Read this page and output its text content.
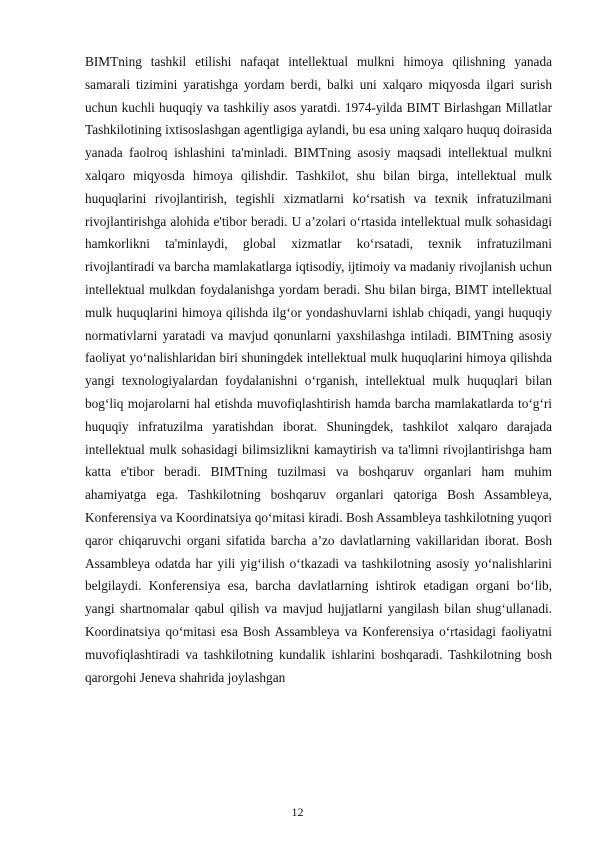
BIMTning tashkil etilishi nafaqat intellektual mulkni himoya qilishning yanada samarali tizimini yaratishga yordam berdi, balki uni xalqaro miqyosda ilgari surish uchun kuchli huquqiy va tashkiliy asos yaratdi. 1974-yilda BIMT Birlashgan Millatlar Tashkilotining ixtisoslashgan agentligiga aylandi, bu esa uning xalqaro huquq doirasida yanada faolroq ishlashini ta'minladi. BIMTning asosiy maqsadi intellektual mulkni xalqaro miqyosda himoya qilishdir. Tashkilot, shu bilan birga, intellektual mulk huquqlarini rivojlantirish, tegishli xizmatlarni ko‘rsatish va texnik infratuzilmani rivojlantirishga alohida e'tibor beradi. U a’zolari o‘rtasida intellektual mulk sohasidagi hamkorlikni ta'minlaydi, global xizmatlar ko‘rsatadi, texnik infratuzilmani rivojlantiradi va barcha mamlakatlarga iqtisodiy, ijtimoiy va madaniy rivojlanish uchun intellektual mulkdan foydalanishga yordam beradi. Shu bilan birga, BIMT intellektual mulk huquqlarini himoya qilishda ilg‘or yondashuvlarni ishlab chiqadi, yangi huquqiy normativlarni yaratadi va mavjud qonunlarni yaxshilashga intiladi. BIMTning asosiy faoliyat yo‘nalishlaridan biri shuningdek intellektual mulk huquqlarini himoya qilishda yangi texnologiyalardan foydalanishni o‘rganish, intellektual mulk huquqlari bilan bog‘liq mojarolarni hal etishda muvofiqlashtirish hamda barcha mamlakatlarda to‘g‘ri huquqiy infratuzilma yaratishdan iborat. Shuningdek, tashkilot xalqaro darajada intellektual mulk sohasidagi bilimsizlikni kamaytirish va ta'limni rivojlantirishga ham katta e'tibor beradi. BIMTning tuzilmasi va boshqaruv organlari ham muhim ahamiyatga ega. Tashkilotning boshqaruv organlari qatoriga Bosh Assambleya, Konferensiya va Koordinatsiya qo‘mitasi kiradi. Bosh Assambleya tashkilotning yuqori qaror chiqaruvchi organi sifatida barcha a’zo davlatlarning vakillaridan iborat. Bosh Assambleya odatda har yili yig‘ilish o‘tkazadi va tashkilotning asosiy yo‘nalishlarini belgilaydi. Konferensiya esa, barcha davlatlarning ishtirok etadigan organi bo‘lib, yangi shartnomalar qabul qilish va mavjud hujjatlarni yangilash bilan shug‘ullanadi. Koordinatsiya qo‘mitasi esa Bosh Assambleya va Konferensiya o‘rtasidagi faoliyatni muvofiqlashtiradi va tashkilotning kundalik ishlarini boshqaradi. Tashkilotning bosh qarorgohi Jeneva shahrida joylashgan

12
